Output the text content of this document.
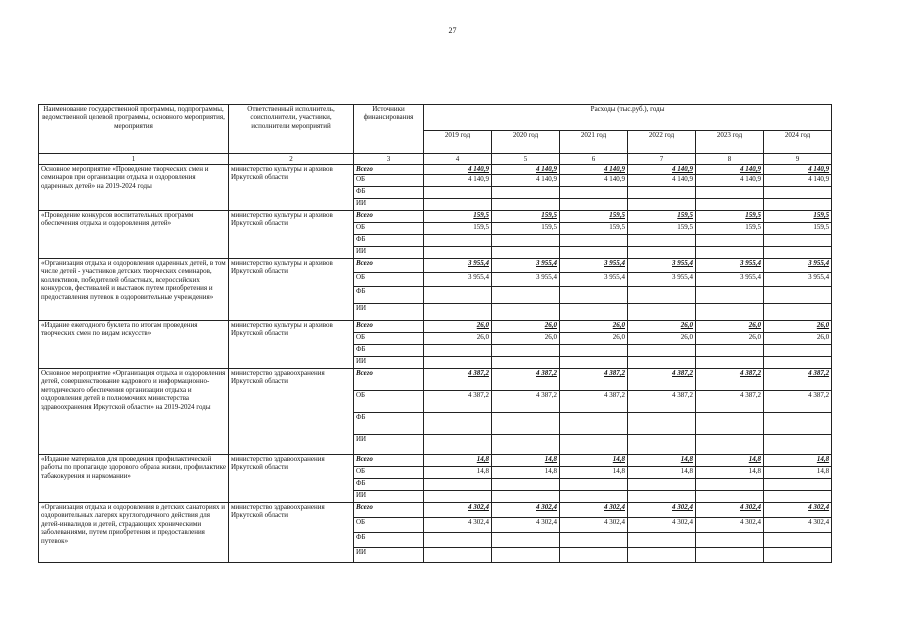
27
Наименование государственной программы, подпрограммы, ведомственной целевой программы, основного мероприятия, мероприятия	Ответственный исполнитель, соисполнители, участники, исполнители мероприятий	Источники финансирования	Расходы (тыс.руб.), годы					
			2019 год	2020 год	2021 год	2022 год	2023 год	2024 год
1	2	3	4	5	6	7	8	9
Основное мероприятие «Проведение творческих смен и семинаров при организации отдыха и оздоровления одаренных детей» на 2019-2024 годы	министерство культуры и архивов Иркутской области	Всего	4 140,9	4 140,9	4 140,9	4 140,9	4 140,9	4 140,9
		ОБ	4 140,9	4 140,9	4 140,9	4 140,9	4 140,9	4 140,9
		ФБ						
		ИИ						
«Проведение конкурсов воспитательных программ обеспечения отдыха и оздоровления детей»	министерство культуры и архивов Иркутской области	Всего	159,5	159,5	159,5	159,5	159,5	159,5
		ОБ	159,5	159,5	159,5	159,5	159,5	159,5
		ФБ						
		ИИ						
«Организация отдыха и оздоровления одаренных детей, в том числе детей - участников детских творческих семинаров, коллективов, победителей областных, всероссийских конкурсов, фестивалей и выставок путем приобретения и предоставления путевок в оздоровительные учреждения»	министерство культуры и архивов Иркутской области	Всего	3 955,4	3 955,4	3 955,4	3 955,4	3 955,4	3 955,4
		ОБ	3 955,4	3 955,4	3 955,4	3 955,4	3 955,4	3 955,4
		ФБ						
		ИИ						
«Издание ежегодного буклета по итогам проведения творческих смен по видам искусств»	министерство культуры и архивов Иркутской области	Всего	26,0	26,0	26,0	26,0	26,0	26,0
		ОБ	26,0	26,0	26,0	26,0	26,0	26,0
		ФБ						
		ИИ						
Основное мероприятие «Организация отдыха и оздоровления детей, совершенствование кадрового и информационно-методического обеспечения организации отдыха и оздоровления детей в полномочиях министерства здравоохранения Иркутской области» на 2019-2024 годы	министерство здравоохранения Иркутской области	Всего	4 387,2	4 387,2	4 387,2	4 387,2	4 387,2	4 387,2
		ОБ	4 387,2	4 387,2	4 387,2	4 387,2	4 387,2	4 387,2
		ФБ						
		ИИ						
«Издание материалов для проведения профилактической работы по пропаганде здорового образа жизни, профилактике табакокурения и наркомании»	министерство здравоохранения Иркутской области	Всего	14,8	14,8	14,8	14,8	14,8	14,8
		ОБ	14,8	14,8	14,8	14,8	14,8	14,8
		ФБ						
		ИИ						
«Организация отдыха и оздоровления в детских санаториях и оздоровительных лагерях круглогодичного действия для детей-инвалидов и детей, страдающих хроническими заболеваниями, путем приобретения и предоставления путевок»	министерство здравоохранения Иркутской области	Всего	4 302,4	4 302,4	4 302,4	4 302,4	4 302,4	4 302,4
		ОБ	4 302,4	4 302,4	4 302,4	4 302,4	4 302,4	4 302,4
		ФБ						
		ИИ						
